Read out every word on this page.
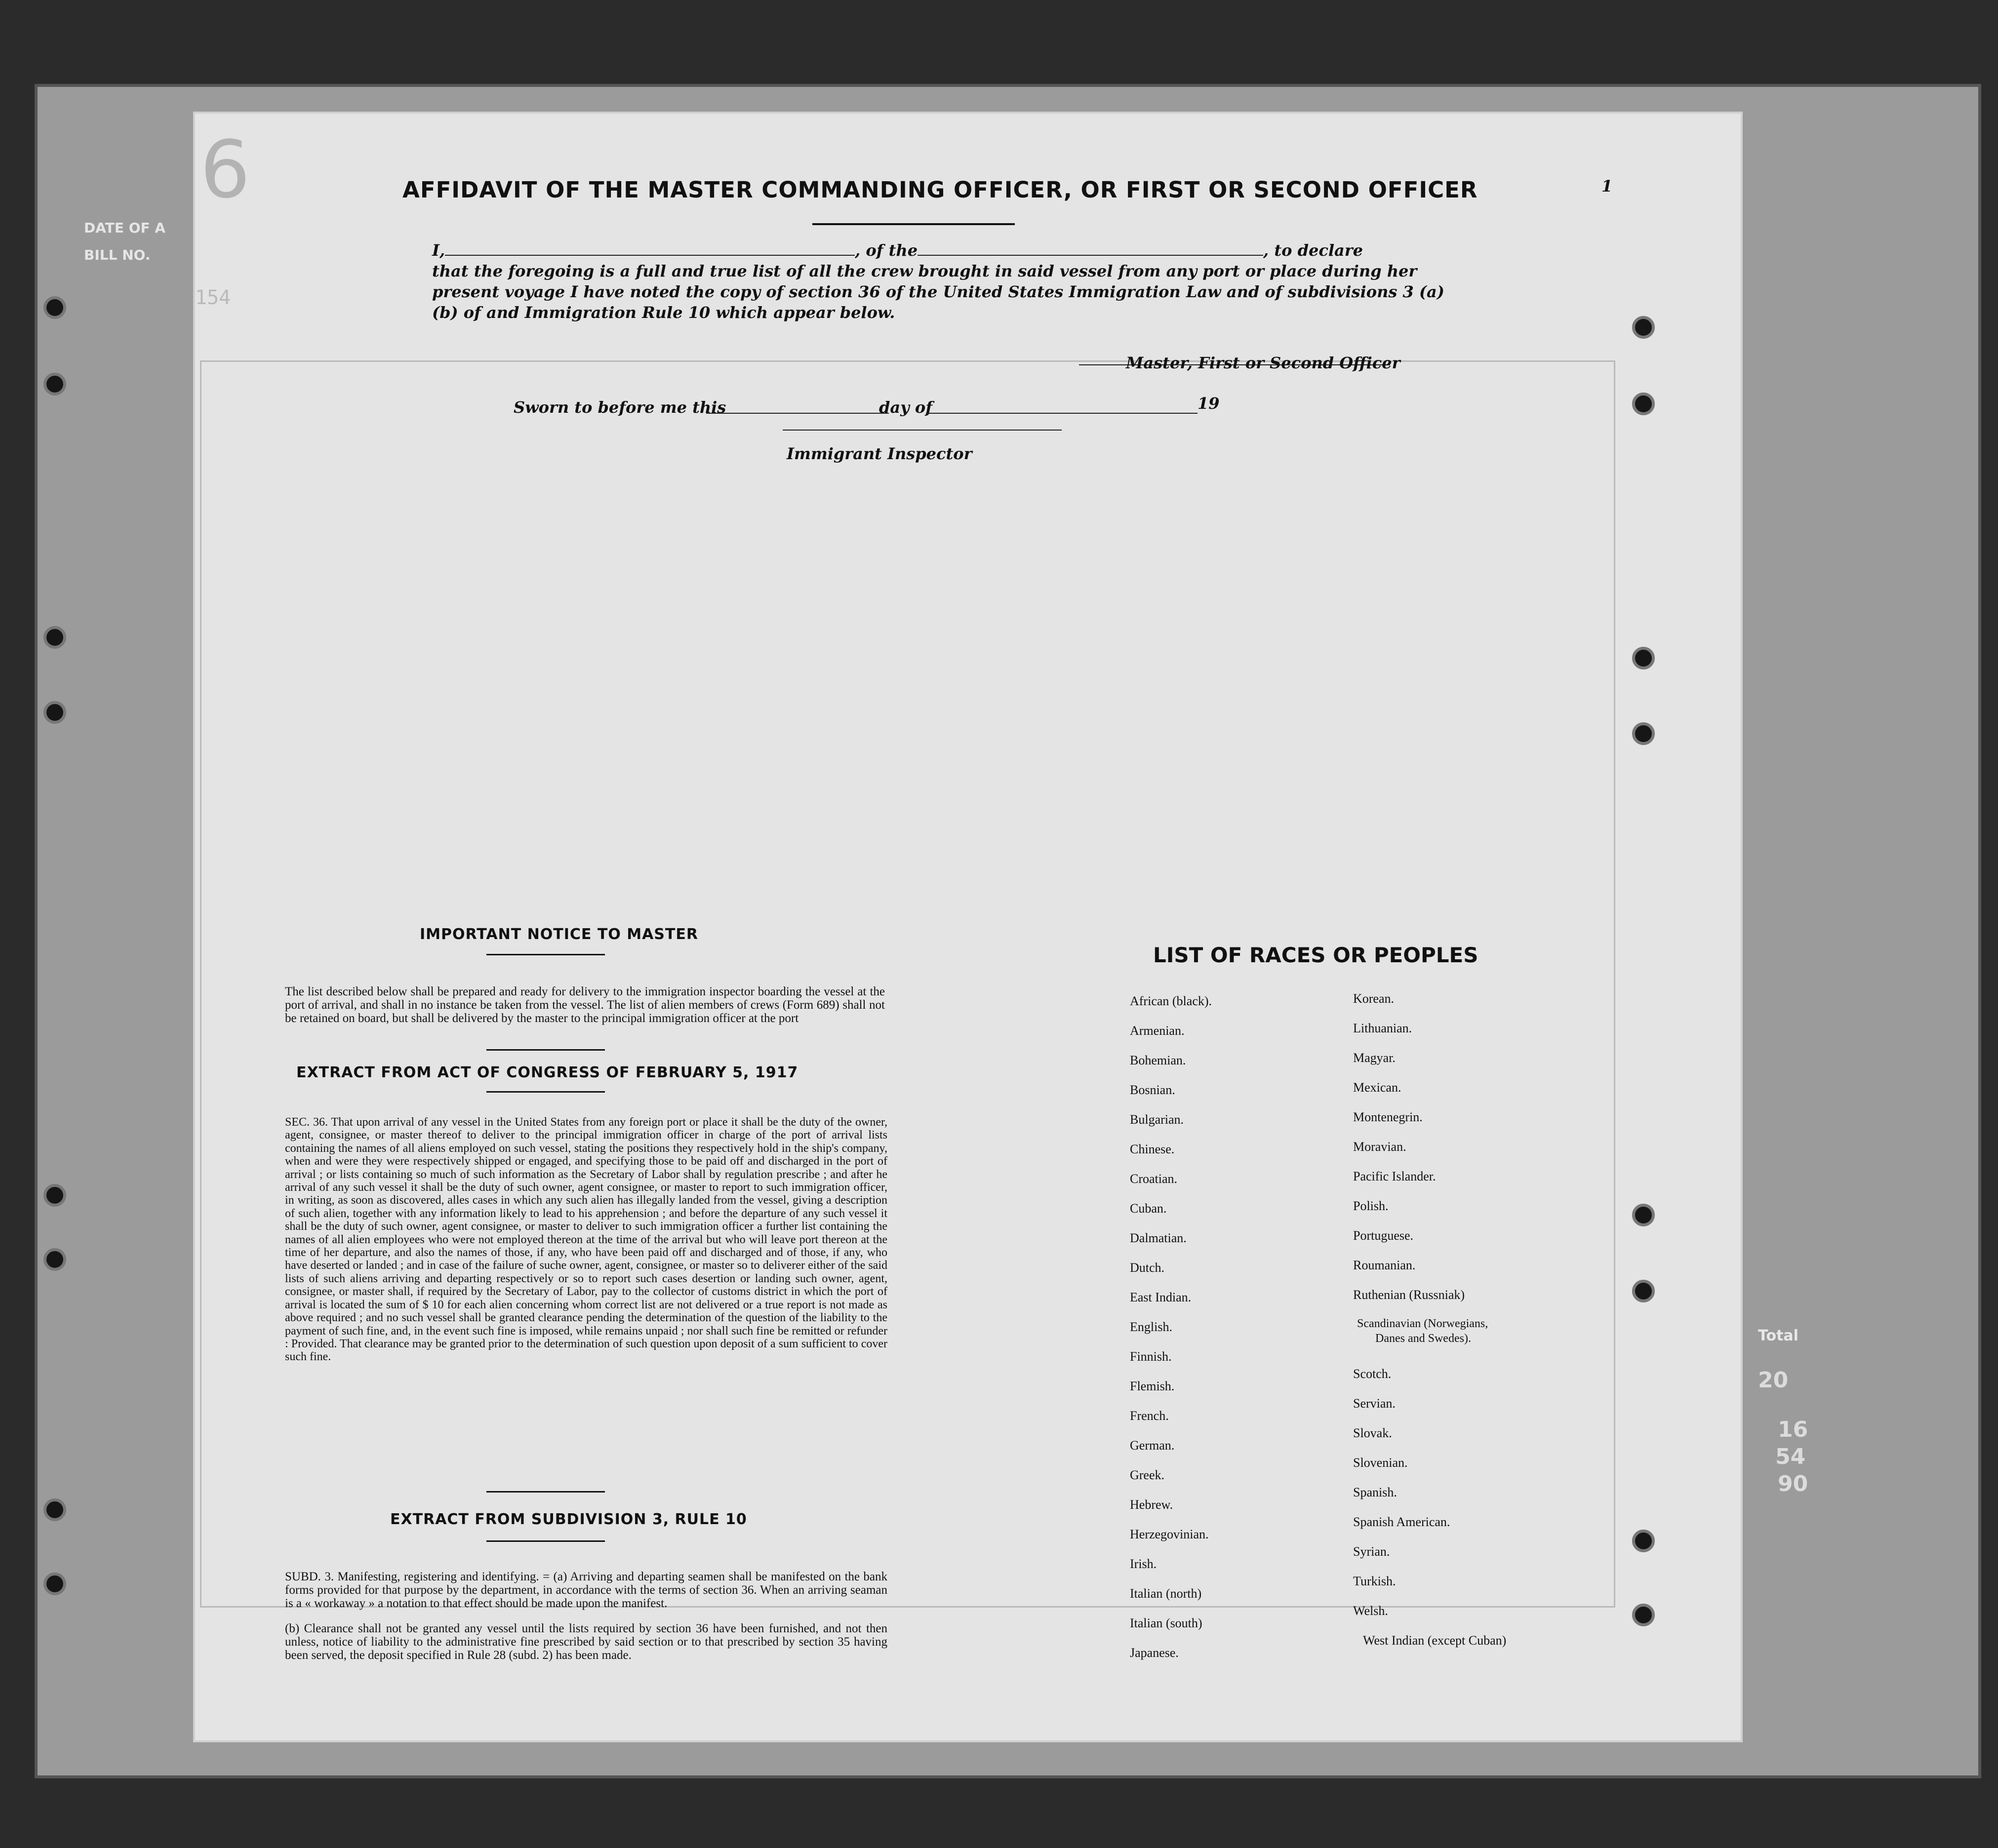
DATE OF A
BILL NO.
6
154
AFFIDAVIT OF THE MASTER COMMANDING OFFICER, OR FIRST OR SECOND OFFICER	1
I,	, of the	, to declare
that the foregoing is a full and true list of all the crew brought in said vessel from any port or place during her
present voyage I have noted the copy of section 36 of the United States Immigration Law and of subdivisions 3 (a)
(b) of and Immigration Rule 10 which appear below.
Master, First or Second Officer
Sworn to before me this	day of	19
Immigrant Inspector
IMPORTANT NOTICE TO MASTER
The list described below shall be prepared and ready for delivery to the immigration inspector boarding the vessel at the port of arrival, and shall in no instance be taken from the vessel. The list of alien members of crews (Form 689) shall not be retained on board, but shall be delivered by the master to the principal immigration officer at the port
EXTRACT FROM ACT OF CONGRESS OF FEBRUARY 5, 1917
SEC. 36. That upon arrival of any vessel in the United States from any foreign port or place it shall be the duty of the owner, agent, consignee, or master thereof to deliver to the principal immigration officer in charge of the port of arrival lists containing the names of all aliens employed on such vessel, stating the positions they respectively hold in the ship's company, when and were they were respectively shipped or engaged, and specifying those to be paid off and discharged in the port of arrival ; or lists containing so much of such information as the Secretary of Labor shall by regulation prescribe ; and after he arrival of any such vessel it shall be the duty of such owner, agent consignee, or master to report to such immigration officer, in writing, as soon as discovered, alles cases in which any such alien has illegally landed from the vessel, giving a description of such alien, together with any information likely to lead to his apprehension ; and before the departure of any such vessel it shall be the duty of such owner, agent consignee, or master to deliver to such immigration officer a further list containing the names of all alien employees who were not employed thereon at the time of the arrival but who will leave port thereon at the time of her departure, and also the names of those, if any, who have been paid off and discharged and of those, if any, who have deserted or landed ; and in case of the failure of suche owner, agent, consignee, or master so to deliverer either of the said lists of such aliens arriving and departing respectively or so to report such cases desertion or landing such owner, agent, consignee, or master shall, if required by the Secretary of Labor, pay to the collector of customs district in which the port of arrival is located the sum of $ 10 for each alien concerning whom correct list are not delivered or a true report is not made as above required ; and no such vessel shall be granted clearance pending the determination of the question of the liability to the payment of such fine, and, in the event such fine is imposed, while remains unpaid ; nor shall such fine be remitted or refunder : Provided. That clearance may be granted prior to the determination of such question upon deposit of a sum sufficient to cover such fine.
EXTRACT FROM SUBDIVISION 3, RULE 10
SUBD. 3. Manifesting, registering and identifying. = (a) Arriving and departing seamen shall be manifested on the bank forms provided for that purpose by the department, in accordance with the terms of section 36. When an arriving seaman is a « workaway » a notation to that effect should be made upon the manifest.
(b) Clearance shall not be granted any vessel until the lists required by section 36 have been furnished, and not then unless, notice of liability to the administrative fine prescribed by said section or to that prescribed by section 35 having been served, the deposit specified in Rule 28 (subd. 2) has been made.
LIST OF RACES OR PEOPLES
African (black).
Armenian.
Bohemian.
Bosnian.
Bulgarian.
Chinese.
Croatian.
Cuban.
Dalmatian.
Dutch.
East Indian.
English.
Finnish.
Flemish.
French.
German.
Greek.
Hebrew.
Herzegovinian.
Irish.
Italian (north)
Italian (south)
Japanese.
Korean.
Lithuanian.
Magyar.
Mexican.
Montenegrin.
Moravian.
Pacific Islander.
Polish.
Portuguese.
Roumanian.
Ruthenian (Russniak)
Scandinavian (Norwegians,
Danes and Swedes).
Scotch.
Servian.
Slovak.
Slovenian.
Spanish.
Spanish American.
Syrian.
Turkish.
Welsh.
West Indian (except Cuban)
Total
20
16
54
90
